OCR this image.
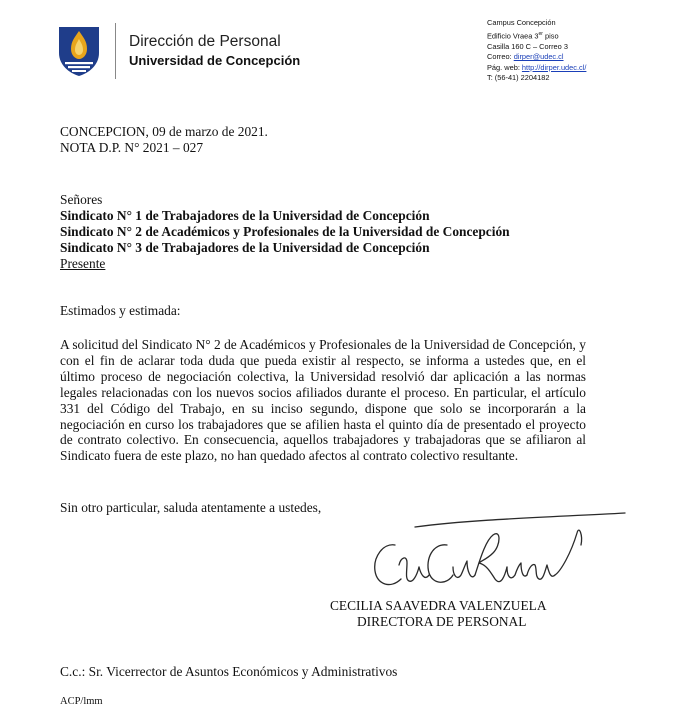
Dirección de Personal
Universidad de Concepción
Campus Concepción
Edificio Vraea 3er piso
Casilla 160 C – Correo 3
Correo: dirper@udec.cl
Pág. web: http://dirper.udec.cl/
T: (56-41) 2204182
CONCEPCION, 09 de marzo de 2021.
NOTA D.P. N° 2021 – 027
Señores
Sindicato N° 1 de Trabajadores de la Universidad de Concepción
Sindicato N° 2 de Académicos y Profesionales de la Universidad de Concepción
Sindicato N° 3 de Trabajadores de la Universidad de Concepción
Presente
Estimados y estimada:
A solicitud del Sindicato N° 2 de Académicos y Profesionales de la Universidad de Concepción, y con el fin de aclarar toda duda que pueda existir al respecto, se informa a ustedes que, en el último proceso de negociación colectiva, la Universidad resolvió dar aplicación a las normas legales relacionadas con los nuevos socios afiliados durante el proceso. En particular, el artículo 331 del Código del Trabajo, en su inciso segundo, dispone que solo se incorporarán a la negociación en curso los trabajadores que se afilien hasta el quinto día de presentado el proyecto de contrato colectivo. En consecuencia, aquellos trabajadores y trabajadoras que se afiliaron al Sindicato fuera de este plazo, no han quedado afectos al contrato colectivo resultante.
Sin otro particular, saluda atentamente a ustedes,
CECILIA SAAVEDRA VALENZUELA
DIRECTORA DE PERSONAL
C.c.: Sr. Vicerrector de Asuntos Económicos y Administrativos
ACP/lmm
